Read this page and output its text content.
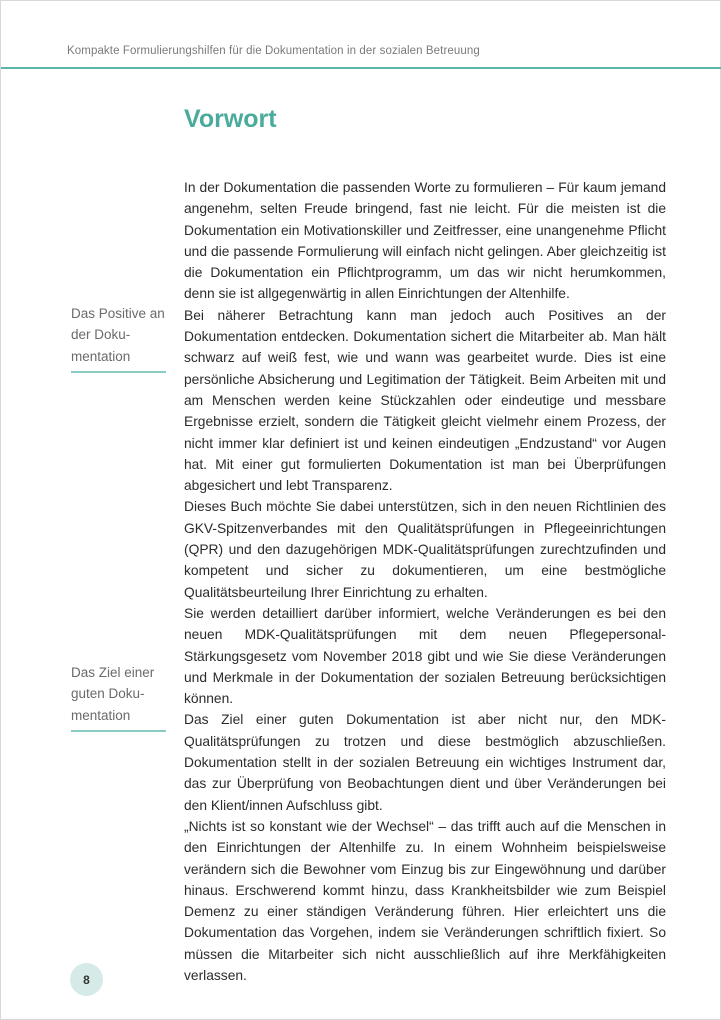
Kompakte Formulierungshilfen für die Dokumentation in der sozialen Betreuung
Vorwort
Das Positive an der Doku- mentation
Das Ziel einer guten Doku- mentation

In der Dokumentation die passenden Worte zu formulieren – Für kaum jemand angenehm, selten Freude bringend, fast nie leicht. Für die meisten ist die Dokumentation ein Motivationskiller und Zeitfresser, eine unangenehme Pflicht und die passende Formulierung will einfach nicht gelingen. Aber gleichzeitig ist die Dokumentation ein Pflichtprogramm, um das wir nicht herumkommen, denn sie ist allgegenwärtig in allen Einrichtungen der Altenhilfe.

Bei näherer Betrachtung kann man jedoch auch Positives an der Dokumentation entdecken. Dokumentation sichert die Mitarbeiter ab. Man hält schwarz auf weiß fest, wie und wann was gearbeitet wurde. Dies ist eine persönliche Absicherung und Legitimation der Tätigkeit. Beim Arbeiten mit und am Menschen werden keine Stückzahlen oder eindeutige und messbare Ergebnisse erzielt, sondern die Tätigkeit gleicht vielmehr einem Prozess, der nicht immer klar definiert ist und keinen eindeutigen „Endzustand“ vor Augen hat. Mit einer gut formulierten Dokumentation ist man bei Überprüfungen abgesichert und lebt Transparenz.

Dieses Buch möchte Sie dabei unterstützen, sich in den neuen Richtlinien des GKV-Spitzenverbandes mit den Qualitätsprüfungen in Pflegeeinrichtungen (QPR) und den dazugehörigen MDK-Qualitätsprüfungen zurechtzufinden und kompetent und sicher zu dokumentieren, um eine bestmögliche Qualitätsbeurteilung Ihrer Einrichtung zu erhalten.

Sie werden detailliert darüber informiert, welche Veränderungen es bei den neuen MDK-Qualitätsprüfungen mit dem neuen Pflegepersonal-Stärkungsgesetz vom November 2018 gibt und wie Sie diese Veränderungen und Merkmale in der Dokumentation der sozialen Betreuung berücksichtigen können.

Das Ziel einer guten Dokumentation ist aber nicht nur, den MDK-Qualitätsprüfungen zu trotzen und diese bestmöglich abzuschließen. Dokumentation stellt in der sozialen Betreuung ein wichtiges Instrument dar, das zur Überprüfung von Beobachtungen dient und über Veränderungen bei den Klient/innen Aufschluss gibt.

„Nichts ist so konstant wie der Wechsel“ – das trifft auch auf die Menschen in den Einrichtungen der Altenhilfe zu. In einem Wohnheim beispielsweise verändern sich die Bewohner vom Einzug bis zur Eingewöhnung und darüber hinaus. Erschwerend kommt hinzu, dass Krankheitsbilder wie zum Beispiel Demenz zu einer ständigen Veränderung führen. Hier erleichtert uns die Dokumentation das Vorgehen, indem sie Veränderungen schriftlich fixiert. So müssen die Mitarbeiter sich nicht ausschließlich auf ihre Merkfähigkeiten verlassen.

8
